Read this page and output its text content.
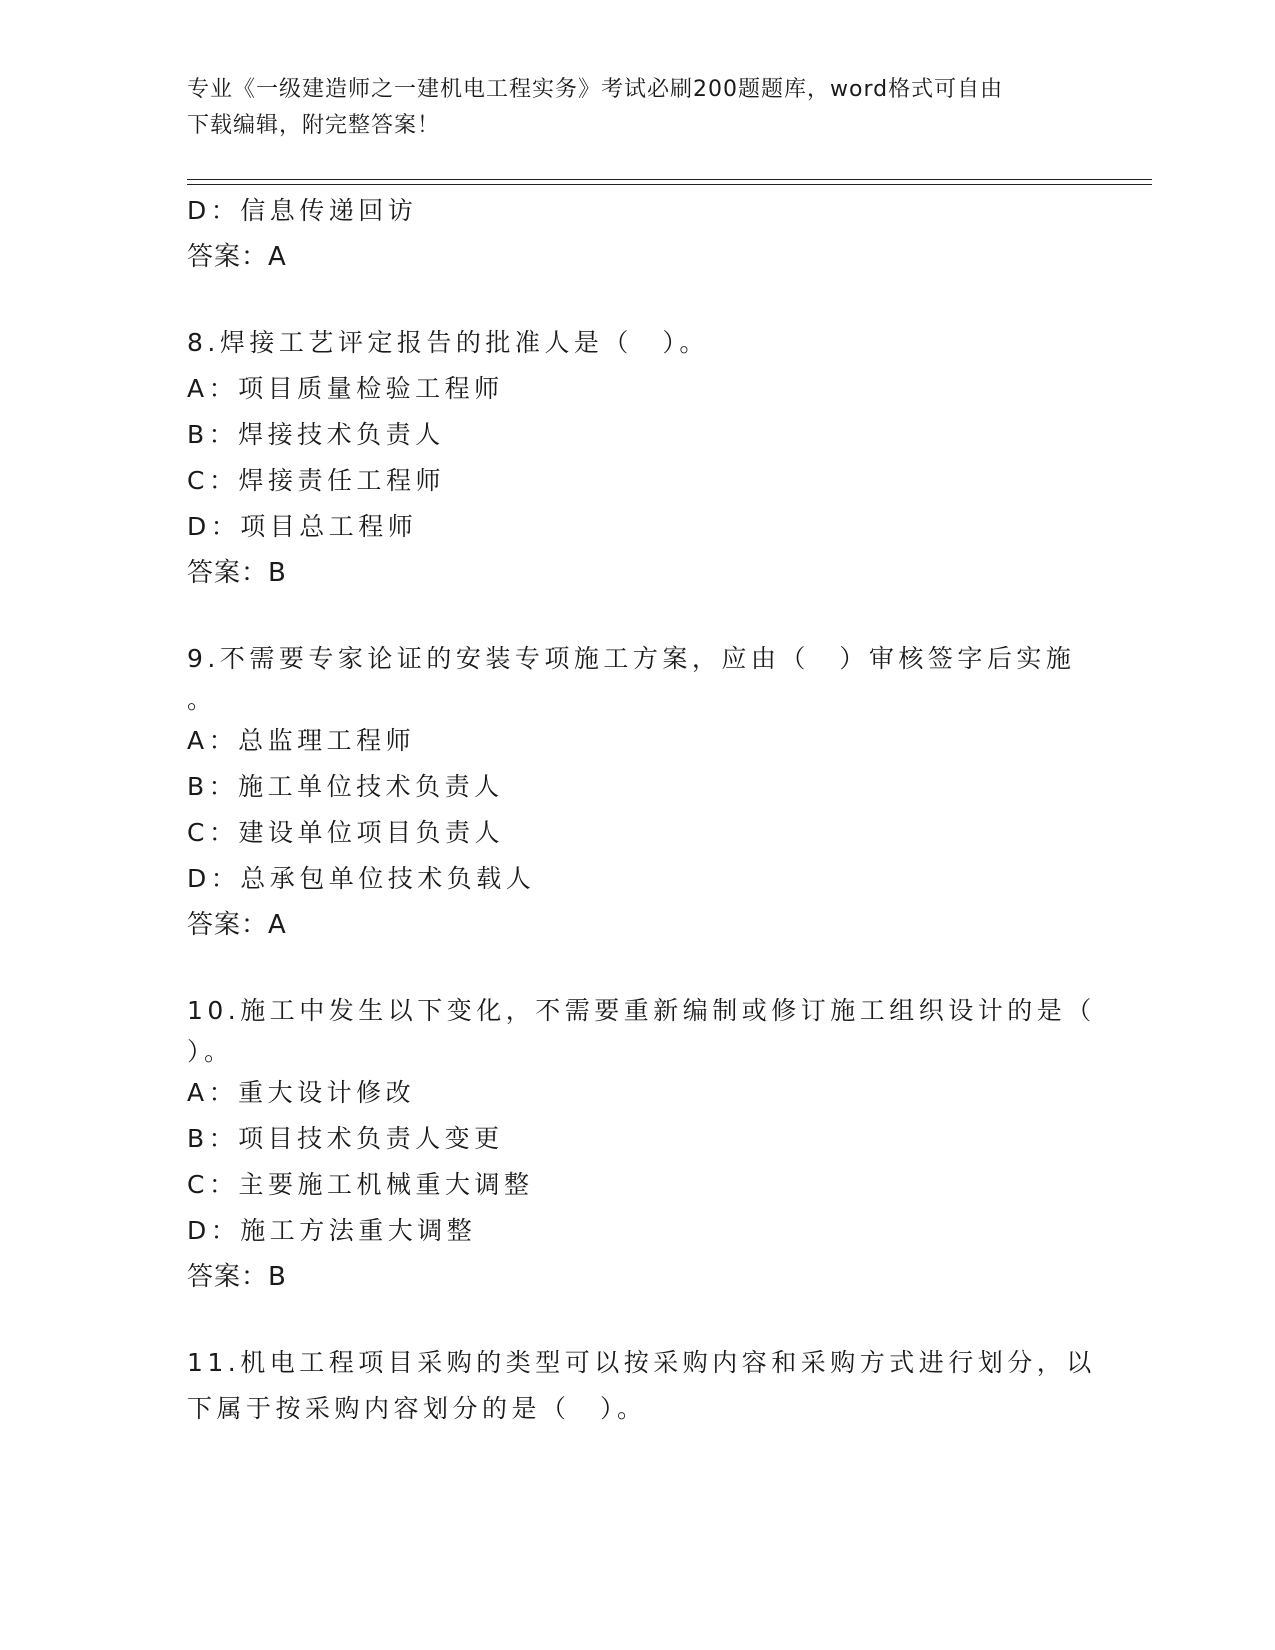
专业《一级建造师之一建机电工程实务》考试必刷200题题库，word格式可自由
下载编辑，附完整答案！
D：信息传递回访
答案：A
8.焊接工艺评定报告的批准人是（　）。
A：项目质量检验工程师
B：焊接技术负责人
C：焊接责任工程师
D：项目总工程师
答案：B
9.不需要专家论证的安装专项施工方案，应由（　）审核签字后实施
。
A：总监理工程师
B：施工单位技术负责人
C：建设单位项目负责人
D：总承包单位技术负载人
答案：A
10.施工中发生以下变化，不需要重新编制或修订施工组织设计的是（
）。
A：重大设计修改
B：项目技术负责人变更
C：主要施工机械重大调整
D：施工方法重大调整
答案：B
11.机电工程项目采购的类型可以按采购内容和采购方式进行划分，以
下属于按采购内容划分的是（　）。
